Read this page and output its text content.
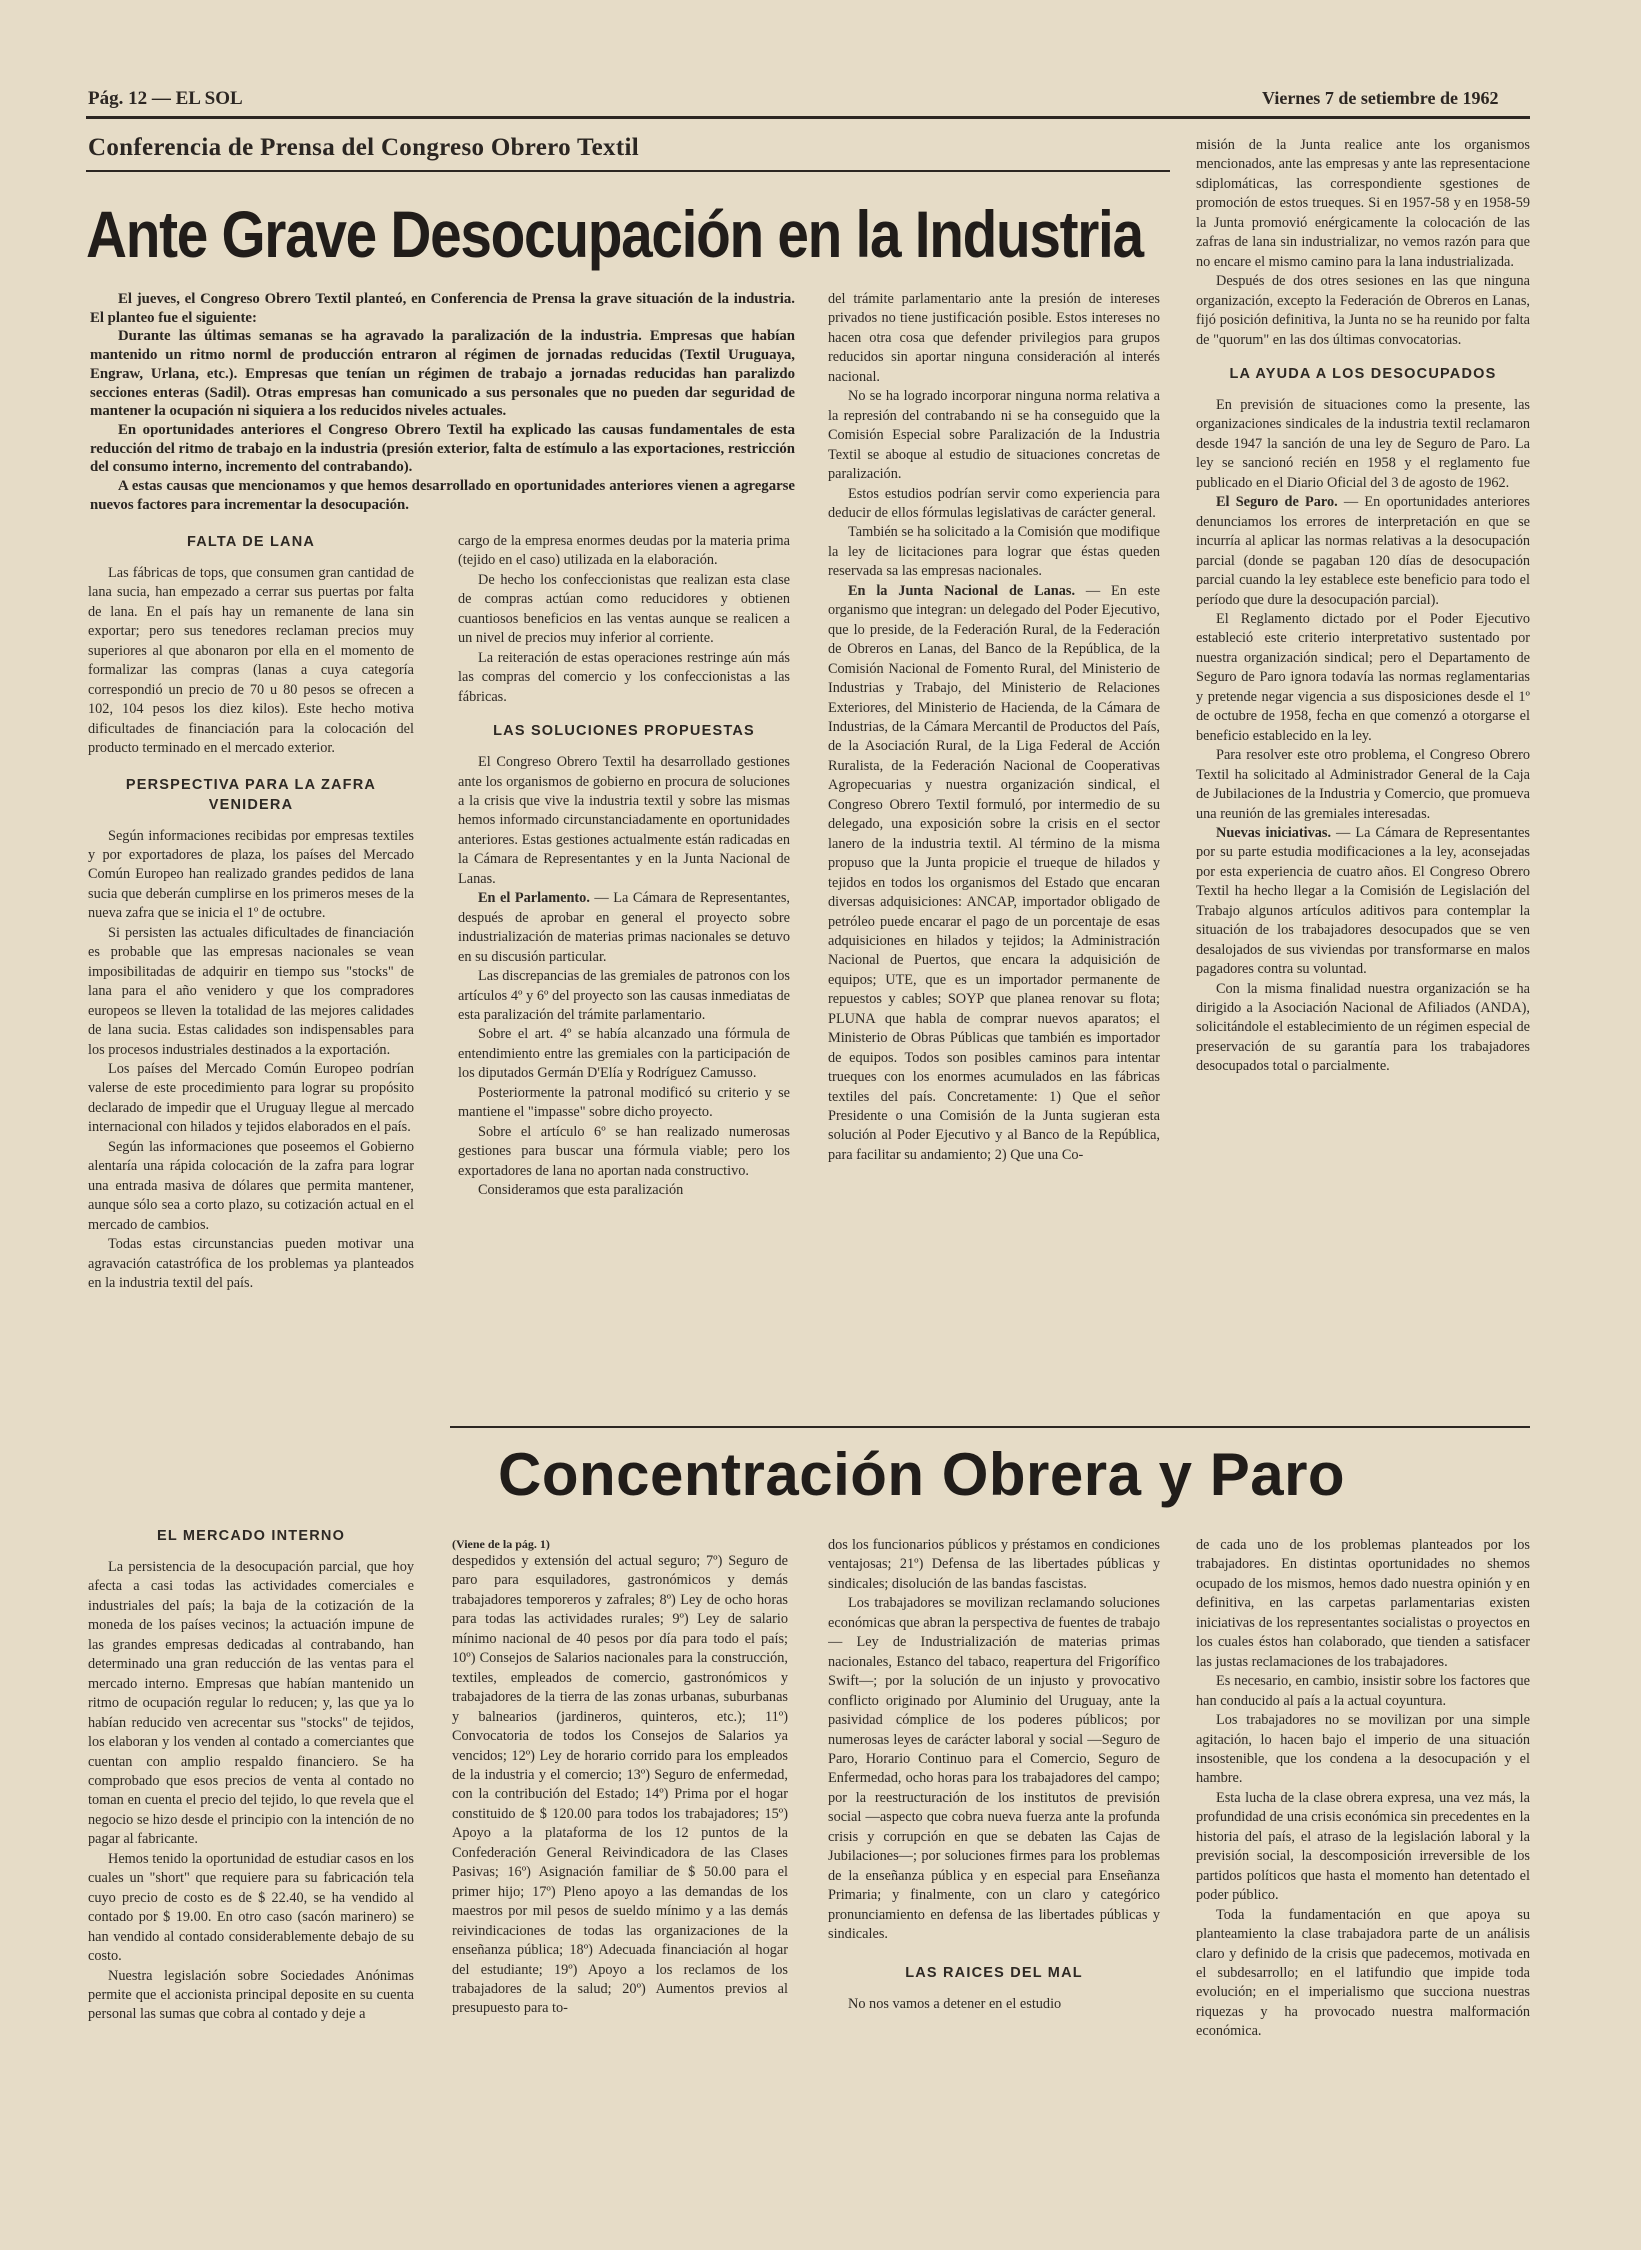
Pág. 12 — EL SOL	Viernes 7 de setiembre de 1962
Conferencia de Prensa del Congreso Obrero Textil
Ante Grave Desocupación en la Industria

El jueves, el Congreso Obrero Textil planteó, en Conferencia de Prensa la grave situación de la industria. El planteo fue el siguiente:

Durante las últimas semanas se ha agravado la paralización de la industria. Empresas que habían mantenido un ritmo norml de producción entraron al régimen de jornadas reducidas (Textil Uruguaya, Engraw, Urlana, etc.). Empresas que tenían un régimen de trabajo a jornadas reducidas han paralizdo secciones enteras (Sadil). Otras empresas han comunicado a sus personales que no pueden dar seguridad de mantener la ocupación ni siquiera a los reducidos niveles actuales.

En oportunidades anteriores el Congreso Obrero Textil ha explicado las causas fundamentales de esta reducción del ritmo de trabajo en la industria (presión exterior, falta de estímulo a las exportaciones, restricción del consumo interno, incremento del contrabando).

A estas causas que mencionamos y que hemos desarrollado en oportunidades anteriores vienen a agregarse nuevos factores para incrementar la desocupación.

FALTA DE LANA

Las fábricas de tops, que consumen gran cantidad de lana sucia, han empezado a cerrar sus puertas por falta de lana. En el país hay un remanente de lana sin exportar; pero sus tenedores reclaman precios muy superiores al que abonaron por ella en el momento de formalizar las compras (lanas a cuya categoría correspondió un precio de 70 u 80 pesos se ofrecen a 102, 104 pesos los diez kilos). Este hecho motiva dificultades de financiación para la colocación del producto terminado en el mercado exterior.

PERSPECTIVA PARA LA ZAFRA VENIDERA

Según informaciones recibidas por empresas textiles y por exportadores de plaza, los países del Mercado Común Europeo han realizado grandes pedidos de lana sucia que deberán cumplirse en los primeros meses de la nueva zafra que se inicia el 1º de octubre.

Si persisten las actuales dificultades de financiación es probable que las empresas nacionales se vean imposibilitadas de adquirir en tiempo sus "stocks" de lana para el año venidero y que los compradores europeos se lleven la totalidad de las mejores calidades de lana sucia. Estas calidades son indispensables para los procesos industriales destinados a la exportación.

Los países del Mercado Común Europeo podrían valerse de este procedimiento para lograr su propósito declarado de impedir que el Uruguay llegue al mercado internacional con hilados y tejidos elaborados en el país.

Según las informaciones que poseemos el Gobierno alentaría una rápida colocación de la zafra para lograr una entrada masiva de dólares que permita mantener, aunque sólo sea a corto plazo, su cotización actual en el mercado de cambios.

Todas estas circunstancias pueden motivar una agravación catastrófica de los problemas ya planteados en la industria textil del país.

cargo de la empresa enormes deudas por la materia prima (tejido en el caso) utilizada en la elaboración.

De hecho los confeccionistas que realizan esta clase de compras actúan como reducidores y obtienen cuantiosos beneficios en las ventas aunque se realicen a un nivel de precios muy inferior al corriente.

La reiteración de estas operaciones restringe aún más las compras del comercio y los confeccionistas a las fábricas.

LAS SOLUCIONES PROPUESTAS

El Congreso Obrero Textil ha desarrollado gestiones ante los organismos de gobierno en procura de soluciones a la crisis que vive la industria textil y sobre las mismas hemos informado circunstanciadamente en oportunidades anteriores. Estas gestiones actualmente están radicadas en la Cámara de Representantes y en la Junta Nacional de Lanas.

En el Parlamento. — La Cámara de Representantes, después de aprobar en general el proyecto sobre industrialización de materias primas nacionales se detuvo en su discusión particular.

Las discrepancias de las gremiales de patronos con los artículos 4º y 6º del proyecto son las causas inmediatas de esta paralización del trámite parlamentario.

Sobre el art. 4º se había alcanzado una fórmula de entendimiento entre las gremiales con la participación de los diputados Germán D'Elía y Rodríguez Camusso.

Posteriormente la patronal modificó su criterio y se mantiene el "impasse" sobre dicho proyecto.

Sobre el artículo 6º se han realizado numerosas gestiones para buscar una fórmula viable; pero los exportadores de lana no aportan nada constructivo.

Consideramos que esta paralización

del trámite parlamentario ante la presión de intereses privados no tiene justificación posible. Estos intereses no hacen otra cosa que defender privilegios para grupos reducidos sin aportar ninguna consideración al interés nacional.

No se ha logrado incorporar ninguna norma relativa a la represión del contrabando ni se ha conseguido que la Comisión Especial sobre Paralización de la Industria Textil se aboque al estudio de situaciones concretas de paralización.

Estos estudios podrían servir como experiencia para deducir de ellos fórmulas legislativas de carácter general.

También se ha solicitado a la Comisión que modifique la ley de licitaciones para lograr que éstas queden reservada sa las empresas nacionales.

En la Junta Nacional de Lanas. — En este organismo que integran: un delegado del Poder Ejecutivo, que lo preside, de la Federación Rural, de la Federación de Obreros en Lanas, del Banco de la República, de la Comisión Nacional de Fomento Rural, del Ministerio de Industrias y Trabajo, del Ministerio de Relaciones Exteriores, del Ministerio de Hacienda, de la Cámara de Industrias, de la Cámara Mercantil de Productos del País, de la Asociación Rural, de la Liga Federal de Acción Ruralista, de la Federación Nacional de Cooperativas Agropecuarias y nuestra organización sindical, el Congreso Obrero Textil formuló, por intermedio de su delegado, una exposición sobre la crisis en el sector lanero de la industria textil. Al término de la misma propuso que la Junta propicie el trueque de hilados y tejidos en todos los organismos del Estado que encaran diversas adquisiciones: ANCAP, importador obligado de petróleo puede encarar el pago de un porcentaje de esas adquisiciones en hilados y tejidos; la Administración Nacional de Puertos, que encara la adquisición de equipos; UTE, que es un importador permanente de repuestos y cables; SOYP que planea renovar su flota; PLUNA que habla de comprar nuevos aparatos; el Ministerio de Obras Públicas que también es importador de equipos. Todos son posibles caminos para intentar trueques con los enormes acumulados en las fábricas textiles del país. Concretamente: 1) Que el señor Presidente o una Comisión de la Junta sugieran esta solución al Poder Ejecutivo y al Banco de la República, para facilitar su andamiento; 2) Que una Co-

misión de la Junta realice ante los organismos mencionados, ante las empresas y ante las representacione sdiplomáticas, las correspondiente sgestiones de promoción de estos trueques. Si en 1957-58 y en 1958-59 la Junta promovió enérgicamente la colocación de las zafras de lana sin industrializar, no vemos razón para que no encare el mismo camino para la lana industrializada.

Después de dos otres sesiones en las que ninguna organización, excepto la Federación de Obreros en Lanas, fijó posición definitiva, la Junta no se ha reunido por falta de "quorum" en las dos últimas convocatorias.

LA AYUDA A LOS DESOCUPADOS

En previsión de situaciones como la presente, las organizaciones sindicales de la industria textil reclamaron desde 1947 la sanción de una ley de Seguro de Paro. La ley se sancionó recién en 1958 y el reglamento fue publicado en el Diario Oficial del 3 de agosto de 1962.

El Seguro de Paro. — En oportunidades anteriores denunciamos los errores de interpretación en que se incurría al aplicar las normas relativas a la desocupación parcial (donde se pagaban 120 días de desocupación parcial cuando la ley establece este beneficio para todo el período que dure la desocupación parcial).

El Reglamento dictado por el Poder Ejecutivo estableció este criterio interpretativo sustentado por nuestra organización sindical; pero el Departamento de Seguro de Paro ignora todavía las normas reglamentarias y pretende negar vigencia a sus disposiciones desde el 1º de octubre de 1958, fecha en que comenzó a otorgarse el beneficio establecido en la ley.

Para resolver este otro problema, el Congreso Obrero Textil ha solicitado al Administrador General de la Caja de Jubilaciones de la Industria y Comercio, que promueva una reunión de las gremiales interesadas.

Nuevas iniciativas. — La Cámara de Representantes por su parte estudia modificaciones a la ley, aconsejadas por esta experiencia de cuatro años. El Congreso Obrero Textil ha hecho llegar a la Comisión de Legislación del Trabajo algunos artículos aditivos para contemplar la situación de los trabajadores desocupados que se ven desalojados de sus viviendas por transformarse en malos pagadores contra su voluntad.

Con la misma finalidad nuestra organización se ha dirigido a la Asociación Nacional de Afiliados (ANDA), solicitándole el establecimiento de un régimen especial de preservación de su garantía para los trabajadores desocupados total o parcialmente.

EL MERCADO INTERNO

La persistencia de la desocupación parcial, que hoy afecta a casi todas las actividades comerciales e industriales del país; la baja de la cotización de la moneda de los países vecinos; la actuación impune de las grandes empresas dedicadas al contrabando, han determinado una gran reducción de las ventas para el mercado interno. Empresas que habían mantenido un ritmo de ocupación regular lo reducen; y, las que ya lo habían reducido ven acrecentar sus "stocks" de tejidos, los elaboran y los venden al contado a comerciantes que cuentan con amplio respaldo financiero. Se ha comprobado que esos precios de venta al contado no toman en cuenta el precio del tejido, lo que revela que el negocio se hizo desde el principio con la intención de no pagar al fabricante.

Hemos tenido la oportunidad de estudiar casos en los cuales un "short" que requiere para su fabricación tela cuyo precio de costo es de $ 22.40, se ha vendido al contado por $ 19.00. En otro caso (sacón marinero) se han vendido al contado considerablemente debajo de su costo.

Nuestra legislación sobre Sociedades Anónimas permite que el accionista principal deposite en su cuenta personal las sumas que cobra al contado y deje a

Concentración Obrera y Paro
(Viene de la pág. 1)

despedidos y extensión del actual seguro; 7º) Seguro de paro para esquiladores, gastronómicos y demás trabajadores temporeros y zafrales; 8º) Ley de ocho horas para todas las actividades rurales; 9º) Ley de salario mínimo nacional de 40 pesos por día para todo el país; 10º) Consejos de Salarios nacionales para la construcción, textiles, empleados de comercio, gastronómicos y trabajadores de la tierra de las zonas urbanas, suburbanas y balnearios (jardineros, quinteros, etc.); 11º) Convocatoria de todos los Consejos de Salarios ya vencidos; 12º) Ley de horario corrido para los empleados de la industria y el comercio; 13º) Seguro de enfermedad, con la contribución del Estado; 14º) Prima por el hogar constituido de $ 120.00 para todos los trabajadores; 15º) Apoyo a la plataforma de los 12 puntos de la Confederación General Reivindicadora de las Clases Pasivas; 16º) Asignación familiar de $ 50.00 para el primer hijo; 17º) Pleno apoyo a las demandas de los maestros por mil pesos de sueldo mínimo y a las demás reivindicaciones de todas las organizaciones de la enseñanza pública; 18º) Adecuada financiación al hogar del estudiante; 19º) Apoyo a los reclamos de los trabajadores de la salud; 20º) Aumentos previos al presupuesto para to-

dos los funcionarios públicos y préstamos en condiciones ventajosas; 21º) Defensa de las libertades públicas y sindicales; disolución de las bandas fascistas.

Los trabajadores se movilizan reclamando soluciones económicas que abran la perspectiva de fuentes de trabajo — Ley de Industrialización de materias primas nacionales, Estanco del tabaco, reapertura del Frigorífico Swift—; por la solución de un injusto y provocativo conflicto originado por Aluminio del Uruguay, ante la pasividad cómplice de los poderes públicos; por numerosas leyes de carácter laboral y social —Seguro de Paro, Horario Continuo para el Comercio, Seguro de Enfermedad, ocho horas para los trabajadores del campo; por la reestructuración de los institutos de previsión social —aspecto que cobra nueva fuerza ante la profunda crisis y corrupción en que se debaten las Cajas de Jubilaciones—; por soluciones firmes para los problemas de la enseñanza pública y en especial para Enseñanza Primaria; y finalmente, con un claro y categórico pronunciamiento en defensa de las libertades públicas y sindicales.

LAS RAICES DEL MAL

No nos vamos a detener en el estudio

de cada uno de los problemas planteados por los trabajadores. En distintas oportunidades no shemos ocupado de los mismos, hemos dado nuestra opinión y en definitiva, en las carpetas parlamentarias existen iniciativas de los representantes socialistas o proyectos en los cuales éstos han colaborado, que tienden a satisfacer las justas reclamaciones de los trabajadores.

Es necesario, en cambio, insistir sobre los factores que han conducido al país a la actual coyuntura.

Los trabajadores no se movilizan por una simple agitación, lo hacen bajo el imperio de una situación insostenible, que los condena a la desocupación y el hambre.

Esta lucha de la clase obrera expresa, una vez más, la profundidad de una crisis económica sin precedentes en la historia del país, el atraso de la legislación laboral y la previsión social, la descomposición irreversible de los partidos políticos que hasta el momento han detentado el poder público.

Toda la fundamentación en que apoya su planteamiento la clase trabajadora parte de un análisis claro y definido de la crisis que padecemos, motivada en el subdesarrollo; en el latifundio que impide toda evolución; en el imperialismo que succiona nuestras riquezas y ha provocado nuestra malformación económica.
